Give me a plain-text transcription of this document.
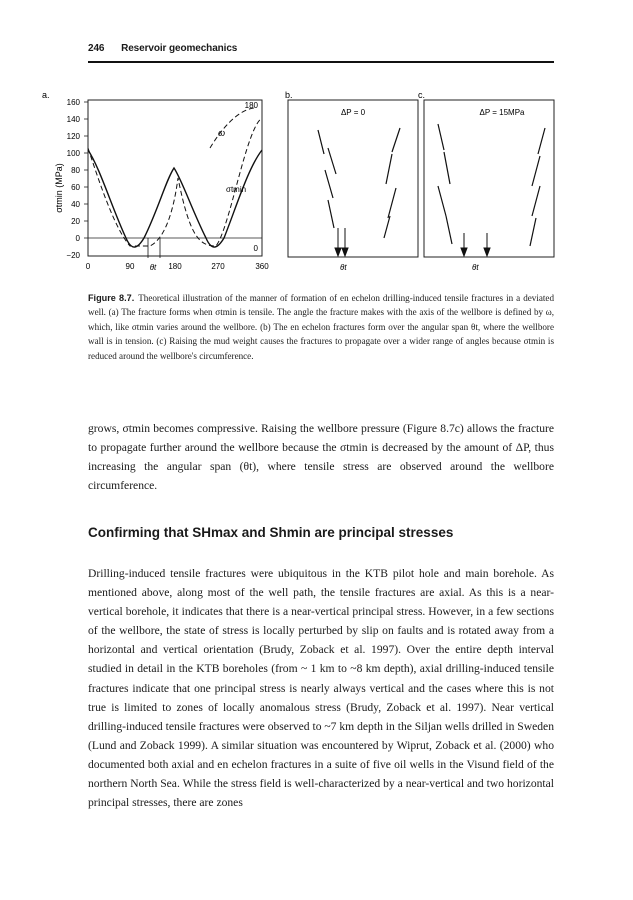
246 Reservoir geomechanics
a.
σtmin (MPa)
160
140
120
100
80
60
40
20
0
−20
0	90	180	270	360
θt
180
0
ω
σtmin
b.
ΔP = 0
θt
c.
ΔP = 15MPa
θt
Figure 8.7. Theoretical illustration of the manner of formation of en echelon drilling-induced tensile fractures in a deviated well. (a) The fracture forms when σtmin is tensile. The angle the fracture makes with the axis of the wellbore is defined by ω, which, like σtmin varies around the wellbore. (b) The en echelon fractures form over the angular span θt, where the wellbore wall is in tension. (c) Raising the mud weight causes the fractures to propagate over a wider range of angles because σtmin is reduced around the wellbore's circumference.
grows, σtmin becomes compressive. Raising the wellbore pressure (Figure 8.7c) allows the fracture to propagate further around the wellbore because the σtmin is decreased by the amount of ΔP, thus increasing the angular span (θt), where tensile stress are observed around the wellbore circumference.
Confirming that SHmax and Shmin are principal stresses
Drilling-induced tensile fractures were ubiquitous in the KTB pilot hole and main borehole. As mentioned above, along most of the well path, the tensile fractures are axial. As this is a near-vertical borehole, it indicates that there is a near-vertical principal stress. However, in a few sections of the wellbore, the state of stress is locally perturbed by slip on faults and is rotated away from a horizontal and vertical orientation (Brudy, Zoback et al. 1997). Over the entire depth interval studied in detail in the KTB boreholes (from ~ 1 km to ~8 km depth), axial drilling-induced tensile fractures indicate that one principal stress is nearly always vertical and the cases where this is not true is limited to zones of locally anomalous stress (Brudy, Zoback et al. 1997). Near vertical drilling-induced tensile fractures were observed to ~7 km depth in the Siljan wells drilled in Sweden (Lund and Zoback 1999). A similar situation was encountered by Wiprut, Zoback et al. (2000) who documented both axial and en echelon fractures in a suite of five oil wells in the Visund field of the northern North Sea. While the stress field is well-characterized by a near-vertical and two horizontal principal stresses, there are zones
